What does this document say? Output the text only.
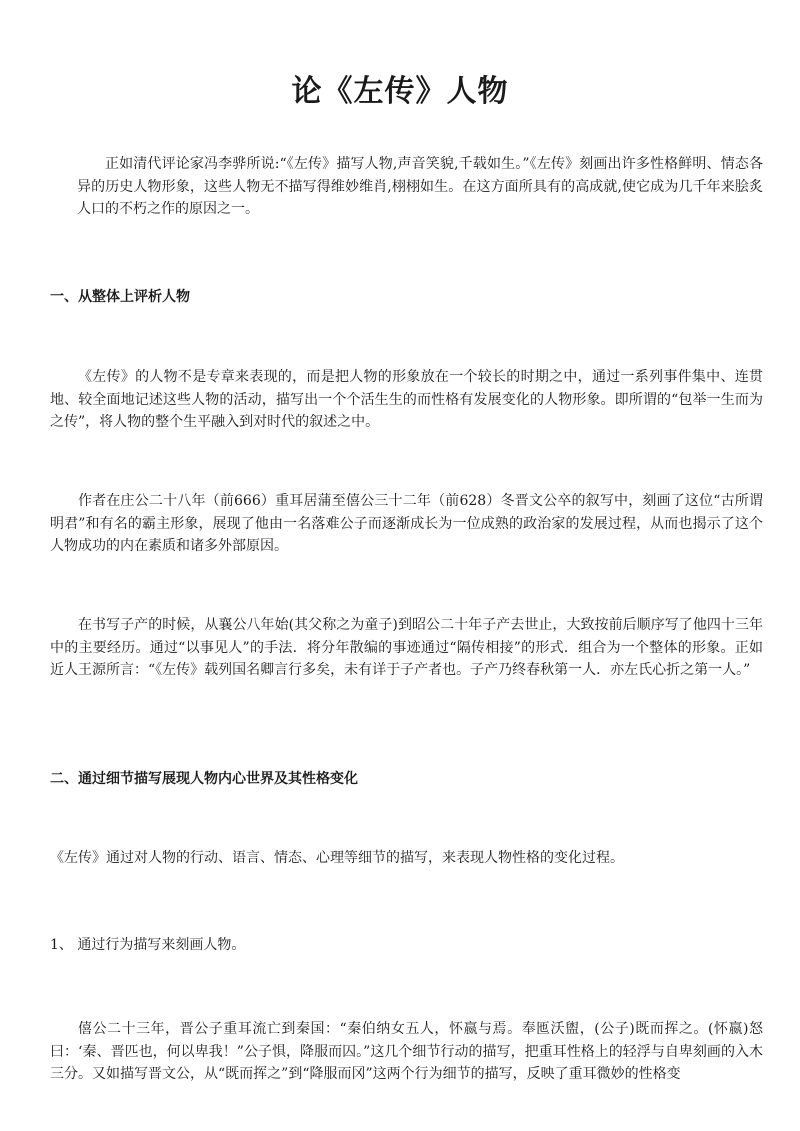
论《左传》人物

正如清代评论家冯李骅所说:“《左传》描写人物,声音笑貌,千载如生。”《左传》刻画出许多性格鲜明、情态各异的历史人物形象，这些人物无不描写得维妙维肖,栩栩如生。在这方面所具有的高成就,使它成为几千年来脍炙人口的不朽之作的原因之一。

一、从整体上评析人物

《左传》的人物不是专章来表现的，而是把人物的形象放在一个较长的时期之中，通过一系列事件集中、连贯地、较全面地记述这些人物的活动，描写出一个个活生生的而性格有发展变化的人物形象。即所谓的“包举一生而为之传”，将人物的整个生平融入到对时代的叙述之中。

作者在庄公二十八年（前666）重耳居蒲至僖公三十二年（前628）冬晋文公卒的叙写中，刻画了这位“古所谓明君”和有名的霸主形象，展现了他由一名落难公子而逐渐成长为一位成熟的政治家的发展过程，从而也揭示了这个人物成功的内在素质和诸多外部原因。

在书写子产的时候，从襄公八年始(其父称之为童子)到昭公二十年子产去世止，大致按前后顺序写了他四十三年中的主要经历。通过“以事见人”的手法．将分年散编的事迹通过“隔传相接”的形式．组合为一个整体的形象。正如近人王源所言：“《左传》载列国名卿言行多矣，未有详于子产者也。子产乃终春秋第一人．亦左氏心折之第一人。”

二、通过细节描写展现人物内心世界及其性格变化

《左传》通过对人物的行动、语言、情态、心理等细节的描写，来表现人物性格的变化过程。

1、 通过行为描写来刻画人物。

僖公二十三年，晋公子重耳流亡到秦国：“秦伯纳女五人，怀嬴与焉。奉匜沃盥，(公子)既而挥之。(怀嬴)怒曰：‘秦、晋匹也，何以卑我！”公子惧，降服而囚。”这几个细节行动的描写，把重耳性格上的轻浮与自卑刻画的入木三分。又如描写晋文公，从“既而挥之”到“降服而冈”这两个行为细节的描写，反映了重耳微妙的性格变
